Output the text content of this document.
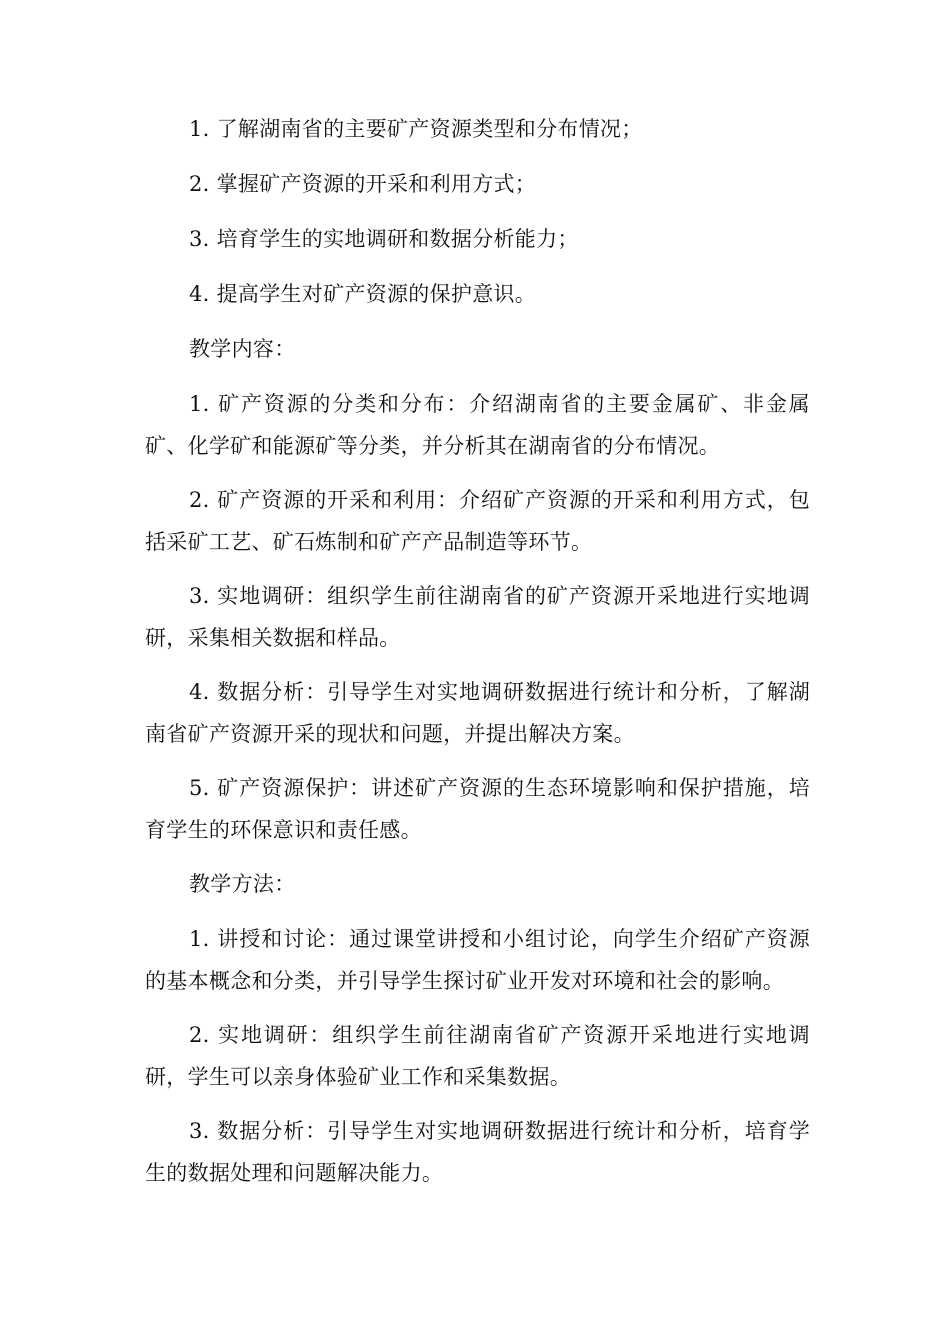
1. 了解湖南省的主要矿产资源类型和分布情况；

2. 掌握矿产资源的开采和利用方式；

3. 培育学生的实地调研和数据分析能力；

4. 提高学生对矿产资源的保护意识。

教学内容：

1. 矿产资源的分类和分布：介绍湖南省的主要金属矿、非金属矿、化学矿和能源矿等分类，并分析其在湖南省的分布情况。

2. 矿产资源的开采和利用：介绍矿产资源的开采和利用方式，包括采矿工艺、矿石炼制和矿产产品制造等环节。

3. 实地调研：组织学生前往湖南省的矿产资源开采地进行实地调研，采集相关数据和样品。

4. 数据分析：引导学生对实地调研数据进行统计和分析，了解湖南省矿产资源开采的现状和问题，并提出解决方案。

5. 矿产资源保护：讲述矿产资源的生态环境影响和保护措施，培育学生的环保意识和责任感。

教学方法：

1. 讲授和讨论：通过课堂讲授和小组讨论，向学生介绍矿产资源的基本概念和分类，并引导学生探讨矿业开发对环境和社会的影响。

2. 实地调研：组织学生前往湖南省矿产资源开采地进行实地调研，学生可以亲身体验矿业工作和采集数据。

3. 数据分析：引导学生对实地调研数据进行统计和分析，培育学生的数据处理和问题解决能力。
